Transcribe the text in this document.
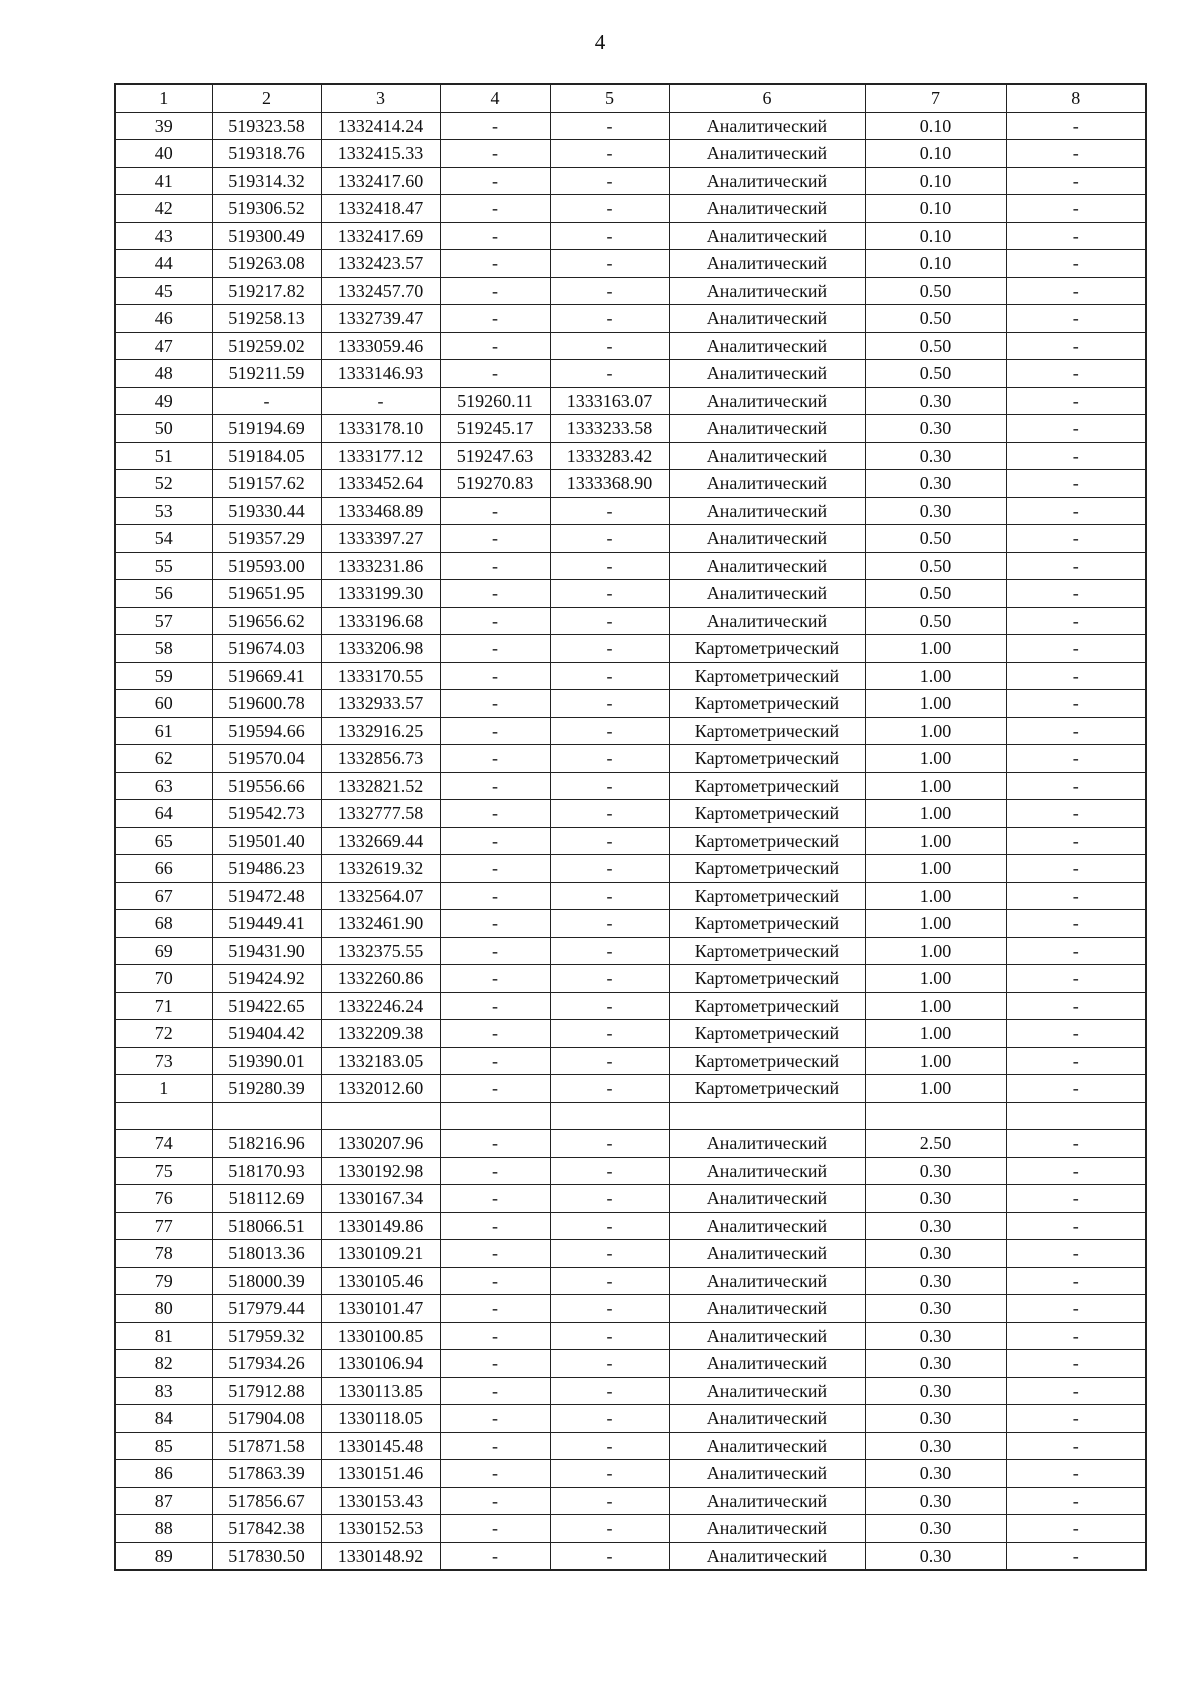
4
1	2	3	4	5	6	7	8
39	519323.58	1332414.24	-	-	Аналитический	0.10	-
40	519318.76	1332415.33	-	-	Аналитический	0.10	-
41	519314.32	1332417.60	-	-	Аналитический	0.10	-
42	519306.52	1332418.47	-	-	Аналитический	0.10	-
43	519300.49	1332417.69	-	-	Аналитический	0.10	-
44	519263.08	1332423.57	-	-	Аналитический	0.10	-
45	519217.82	1332457.70	-	-	Аналитический	0.50	-
46	519258.13	1332739.47	-	-	Аналитический	0.50	-
47	519259.02	1333059.46	-	-	Аналитический	0.50	-
48	519211.59	1333146.93	-	-	Аналитический	0.50	-
49	-	-	519260.11	1333163.07	Аналитический	0.30	-
50	519194.69	1333178.10	519245.17	1333233.58	Аналитический	0.30	-
51	519184.05	1333177.12	519247.63	1333283.42	Аналитический	0.30	-
52	519157.62	1333452.64	519270.83	1333368.90	Аналитический	0.30	-
53	519330.44	1333468.89	-	-	Аналитический	0.30	-
54	519357.29	1333397.27	-	-	Аналитический	0.50	-
55	519593.00	1333231.86	-	-	Аналитический	0.50	-
56	519651.95	1333199.30	-	-	Аналитический	0.50	-
57	519656.62	1333196.68	-	-	Аналитический	0.50	-
58	519674.03	1333206.98	-	-	Картометрический	1.00	-
59	519669.41	1333170.55	-	-	Картометрический	1.00	-
60	519600.78	1332933.57	-	-	Картометрический	1.00	-
61	519594.66	1332916.25	-	-	Картометрический	1.00	-
62	519570.04	1332856.73	-	-	Картометрический	1.00	-
63	519556.66	1332821.52	-	-	Картометрический	1.00	-
64	519542.73	1332777.58	-	-	Картометрический	1.00	-
65	519501.40	1332669.44	-	-	Картометрический	1.00	-
66	519486.23	1332619.32	-	-	Картометрический	1.00	-
67	519472.48	1332564.07	-	-	Картометрический	1.00	-
68	519449.41	1332461.90	-	-	Картометрический	1.00	-
69	519431.90	1332375.55	-	-	Картометрический	1.00	-
70	519424.92	1332260.86	-	-	Картометрический	1.00	-
71	519422.65	1332246.24	-	-	Картометрический	1.00	-
72	519404.42	1332209.38	-	-	Картометрический	1.00	-
73	519390.01	1332183.05	-	-	Картометрический	1.00	-
1	519280.39	1332012.60	-	-	Картометрический	1.00	-

74	518216.96	1330207.96	-	-	Аналитический	2.50	-
75	518170.93	1330192.98	-	-	Аналитический	0.30	-
76	518112.69	1330167.34	-	-	Аналитический	0.30	-
77	518066.51	1330149.86	-	-	Аналитический	0.30	-
78	518013.36	1330109.21	-	-	Аналитический	0.30	-
79	518000.39	1330105.46	-	-	Аналитический	0.30	-
80	517979.44	1330101.47	-	-	Аналитический	0.30	-
81	517959.32	1330100.85	-	-	Аналитический	0.30	-
82	517934.26	1330106.94	-	-	Аналитический	0.30	-
83	517912.88	1330113.85	-	-	Аналитический	0.30	-
84	517904.08	1330118.05	-	-	Аналитический	0.30	-
85	517871.58	1330145.48	-	-	Аналитический	0.30	-
86	517863.39	1330151.46	-	-	Аналитический	0.30	-
87	517856.67	1330153.43	-	-	Аналитический	0.30	-
88	517842.38	1330152.53	-	-	Аналитический	0.30	-
89	517830.50	1330148.92	-	-	Аналитический	0.30	-
